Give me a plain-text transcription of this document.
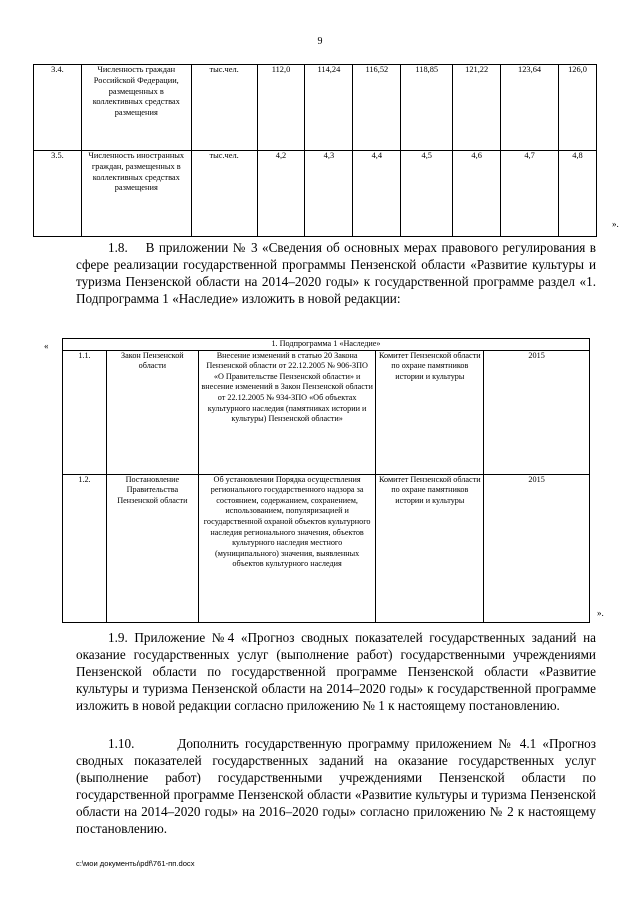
9
3.4.	Численность граждан Российской Федерации, размещенных в коллективных средствах размещения	тыс.чел.	112,0	114,24	116,52	118,85	121,22	123,64	126,0
3.5.	Численность иностранных граждан, размещенных в коллективных средствах размещения	тыс.чел.	4,2	4,3	4,4	4,5	4,6	4,7	4,8
».
1.8. В приложении № 3 «Сведения об основных мерах правового регулирования в сфере реализации государственной программы Пензенской области «Развитие культуры и туризма Пензенской области на 2014–2020 годы» к государственной программе раздел «1. Подпрограмма 1 «Наследие» изложить в новой редакции:
«	1. Подпрограмма 1 «Наследие»				
1.1.	Закон Пензенской области	Внесение изменений в статью 20 Закона Пензенской области от 22.12.2005 № 906-ЗПО «О Правительстве Пензенской области» и внесение изменений в Закон Пензенской области от 22.12.2005 № 934-ЗПО «Об объектах культурного наследия (памятниках истории и культуры) Пензенской области»	Комитет Пензенской области по охране памятников истории и культуры	2015
1.2.	Постановление Правительства Пензенской области	Об установлении Порядка осуществления регионального государственного надзора за состоянием, содержанием, сохранением, использованием, популяризацией и государственной охраной объектов культурного наследия регионального значения, объектов культурного наследия местного (муниципального) значения, выявленных объектов культурного наследия	Комитет Пензенской области по охране памятников истории и культуры	2015
».
1.9. Приложение №4 «Прогноз сводных показателей государственных заданий на оказание государственных услуг (выполнение работ) государственными учреждениями Пензенской области по государственной программе Пензенской области «Развитие культуры и туризма Пензенской области на 2014–2020 годы» к государственной программе изложить в новой редакции согласно приложению № 1 к настоящему постановлению.
1.10.	Дополнить государственную программу приложением № 4.1 «Прогноз сводных показателей государственных заданий на оказание государственных услуг (выполнение работ) государственными учреждениями Пензенской области по государственной программе Пензенской области «Развитие культуры и туризма Пензенской области на 2014–2020 годы» на 2016–2020 годы» согласно приложению № 2 к настоящему постановлению.
c:\мои документы\pdf\761-пп.docx
